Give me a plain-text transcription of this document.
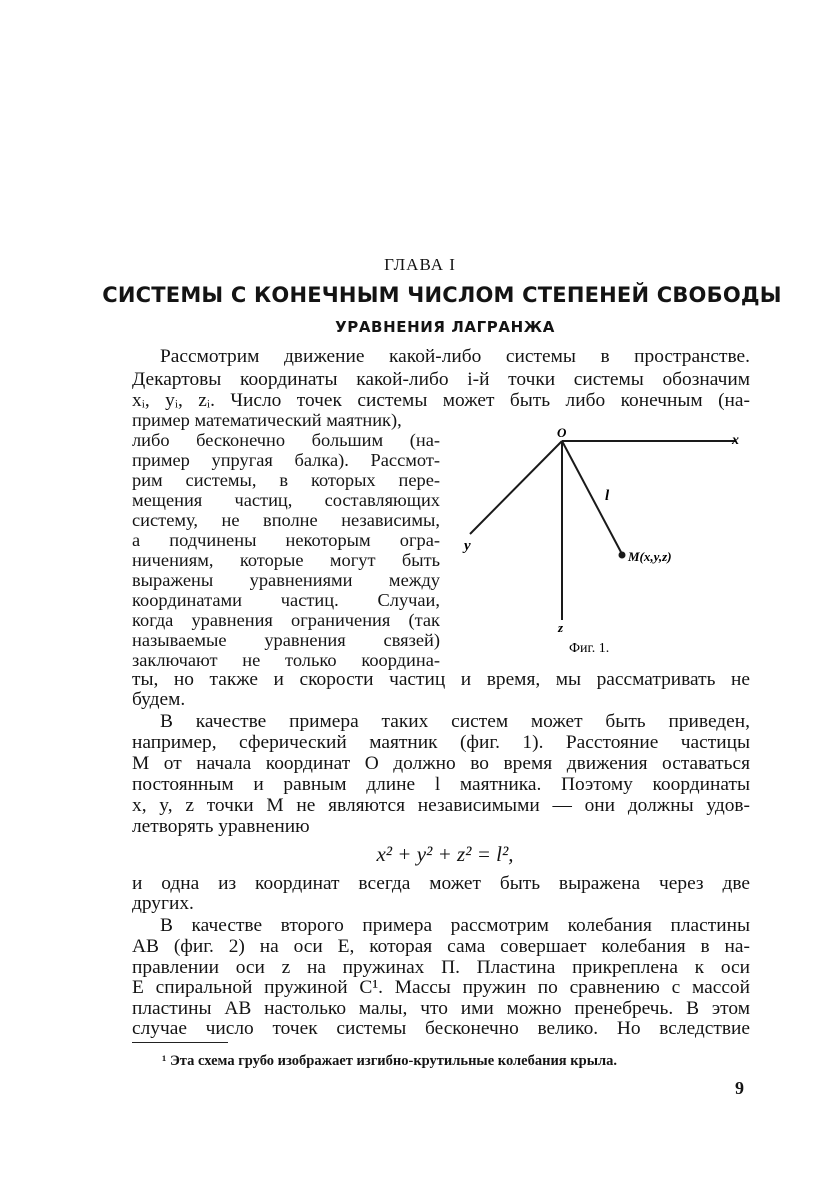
ГЛАВА I
СИСТЕМЫ С КОНЕЧНЫМ ЧИСЛОМ СТЕПЕНЕЙ СВОБОДЫ
УРАВНЕНИЯ ЛАГРАНЖА
Рассмотрим движение какой-либо системы в пространстве.
Декартовы координаты какой-либо i-й точки системы обозначим
xᵢ, yᵢ, zᵢ. Число точек системы может быть либо конечным (на-
пример математический маятник),
либо бесконечно большим (на-
пример упругая балка). Рассмот-
рим системы, в которых пере-
мещения частиц, составляющих
систему, не вполне независимы,
а подчинены некоторым огра-
ничениям, которые могут быть
выражены уравнениями между
координатами частиц. Случаи,
когда уравнения ограничения (так
называемые уравнения связей)
заключают не только координа-
ты, но также и скорости частиц и время, мы рассматривать не
будем.
В качестве примера таких систем может быть приведен,
например, сферический маятник (фиг. 1). Расстояние частицы
M от начала координат O должно во время движения оставаться
постоянным и равным длине l маятника. Поэтому координаты
x, y, z точки M не являются независимыми — они должны удов-
летворять уравнению
x² + y² + z² = l²,
и одна из координат всегда может быть выражена через две
других.
В качестве второго примера рассмотрим колебания пластины
AB (фиг. 2) на оси E, которая сама совершает колебания в на-
правлении оси z на пружинах П. Пластина прикреплена к оси
E спиральной пружиной C¹. Массы пружин по сравнению с массой
пластины AB настолько малы, что ими можно пренебречь. В этом
случае число точек системы бесконечно велико. Но вследствие
O
x
y
z
l
M(x,y,z)
Фиг. 1.
¹ Эта схема грубо изображает изгибно-крутильные колебания крыла.
9
